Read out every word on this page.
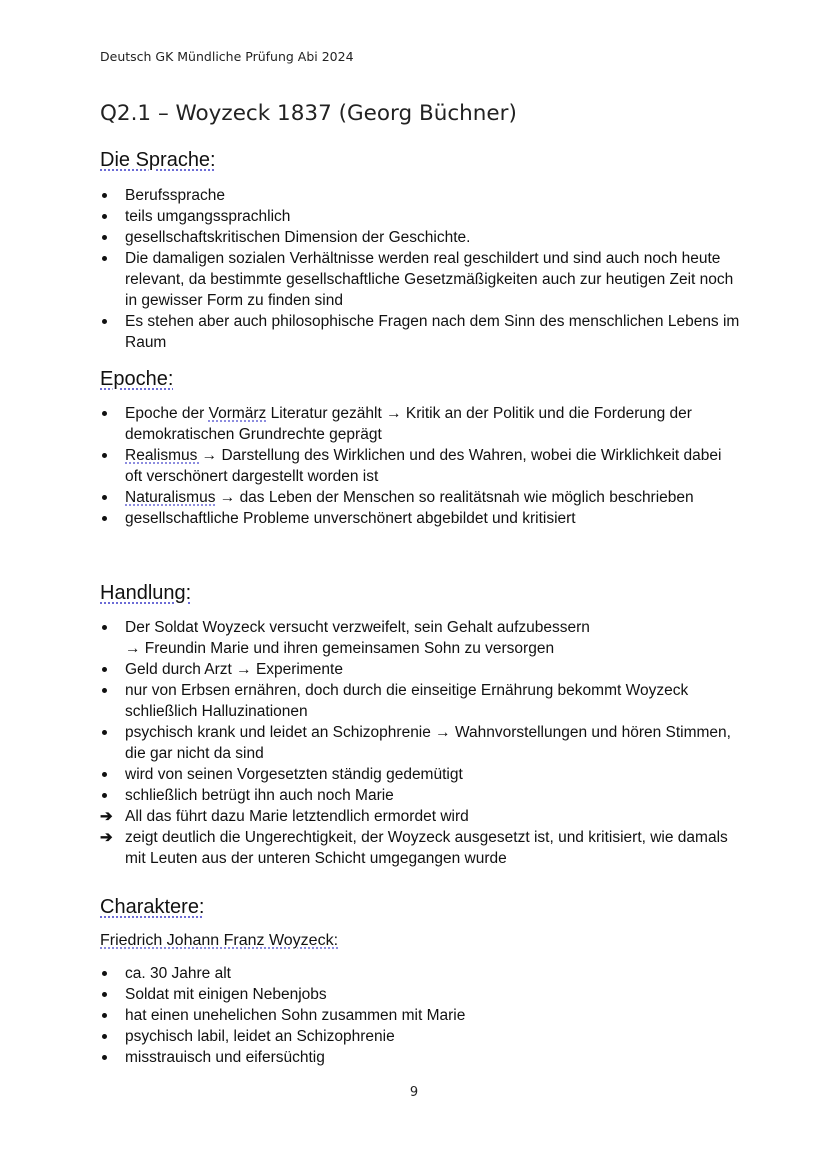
Deutsch GK Mündliche Prüfung Abi 2024
Q2.1 – Woyzeck 1837 (Georg Büchner)
Die Sprache:
Berufssprache
teils umgangssprachlich
gesellschaftskritischen Dimension der Geschichte.
Die damaligen sozialen Verhältnisse werden real geschildert und sind auch noch heute relevant, da bestimmte gesellschaftliche Gesetzmäßigkeiten auch zur heutigen Zeit noch in gewisser Form zu finden sind
Es stehen aber auch philosophische Fragen nach dem Sinn des menschlichen Lebens im Raum
Epoche:
Epoche der Vormärz Literatur gezählt → Kritik an der Politik und die Forderung der demokratischen Grundrechte geprägt
Realismus → Darstellung des Wirklichen und des Wahren, wobei die Wirklichkeit dabei oft verschönert dargestellt worden ist
Naturalismus → das Leben der Menschen so realitätsnah wie möglich beschrieben
gesellschaftliche Probleme unverschönert abgebildet und kritisiert
Handlung:
Der Soldat Woyzeck versucht verzweifelt, sein Gehalt aufzubessern
→ Freundin Marie und ihren gemeinsamen Sohn zu versorgen
Geld durch Arzt → Experimente
nur von Erbsen ernähren, doch durch die einseitige Ernährung bekommt Woyzeck schließlich Halluzinationen
psychisch krank und leidet an Schizophrenie → Wahnvorstellungen und hören Stimmen, die gar nicht da sind
wird von seinen Vorgesetzten ständig gedemütigt
schließlich betrügt ihn auch noch Marie
➔ All das führt dazu Marie letztendlich ermordet wird
➔ zeigt deutlich die Ungerechtigkeit, der Woyzeck ausgesetzt ist, und kritisiert, wie damals mit Leuten aus der unteren Schicht umgegangen wurde
Charaktere:
Friedrich Johann Franz Woyzeck:
ca. 30 Jahre alt
Soldat mit einigen Nebenjobs
hat einen unehelichen Sohn zusammen mit Marie
psychisch labil, leidet an Schizophrenie
misstrauisch und eifersüchtig
9
